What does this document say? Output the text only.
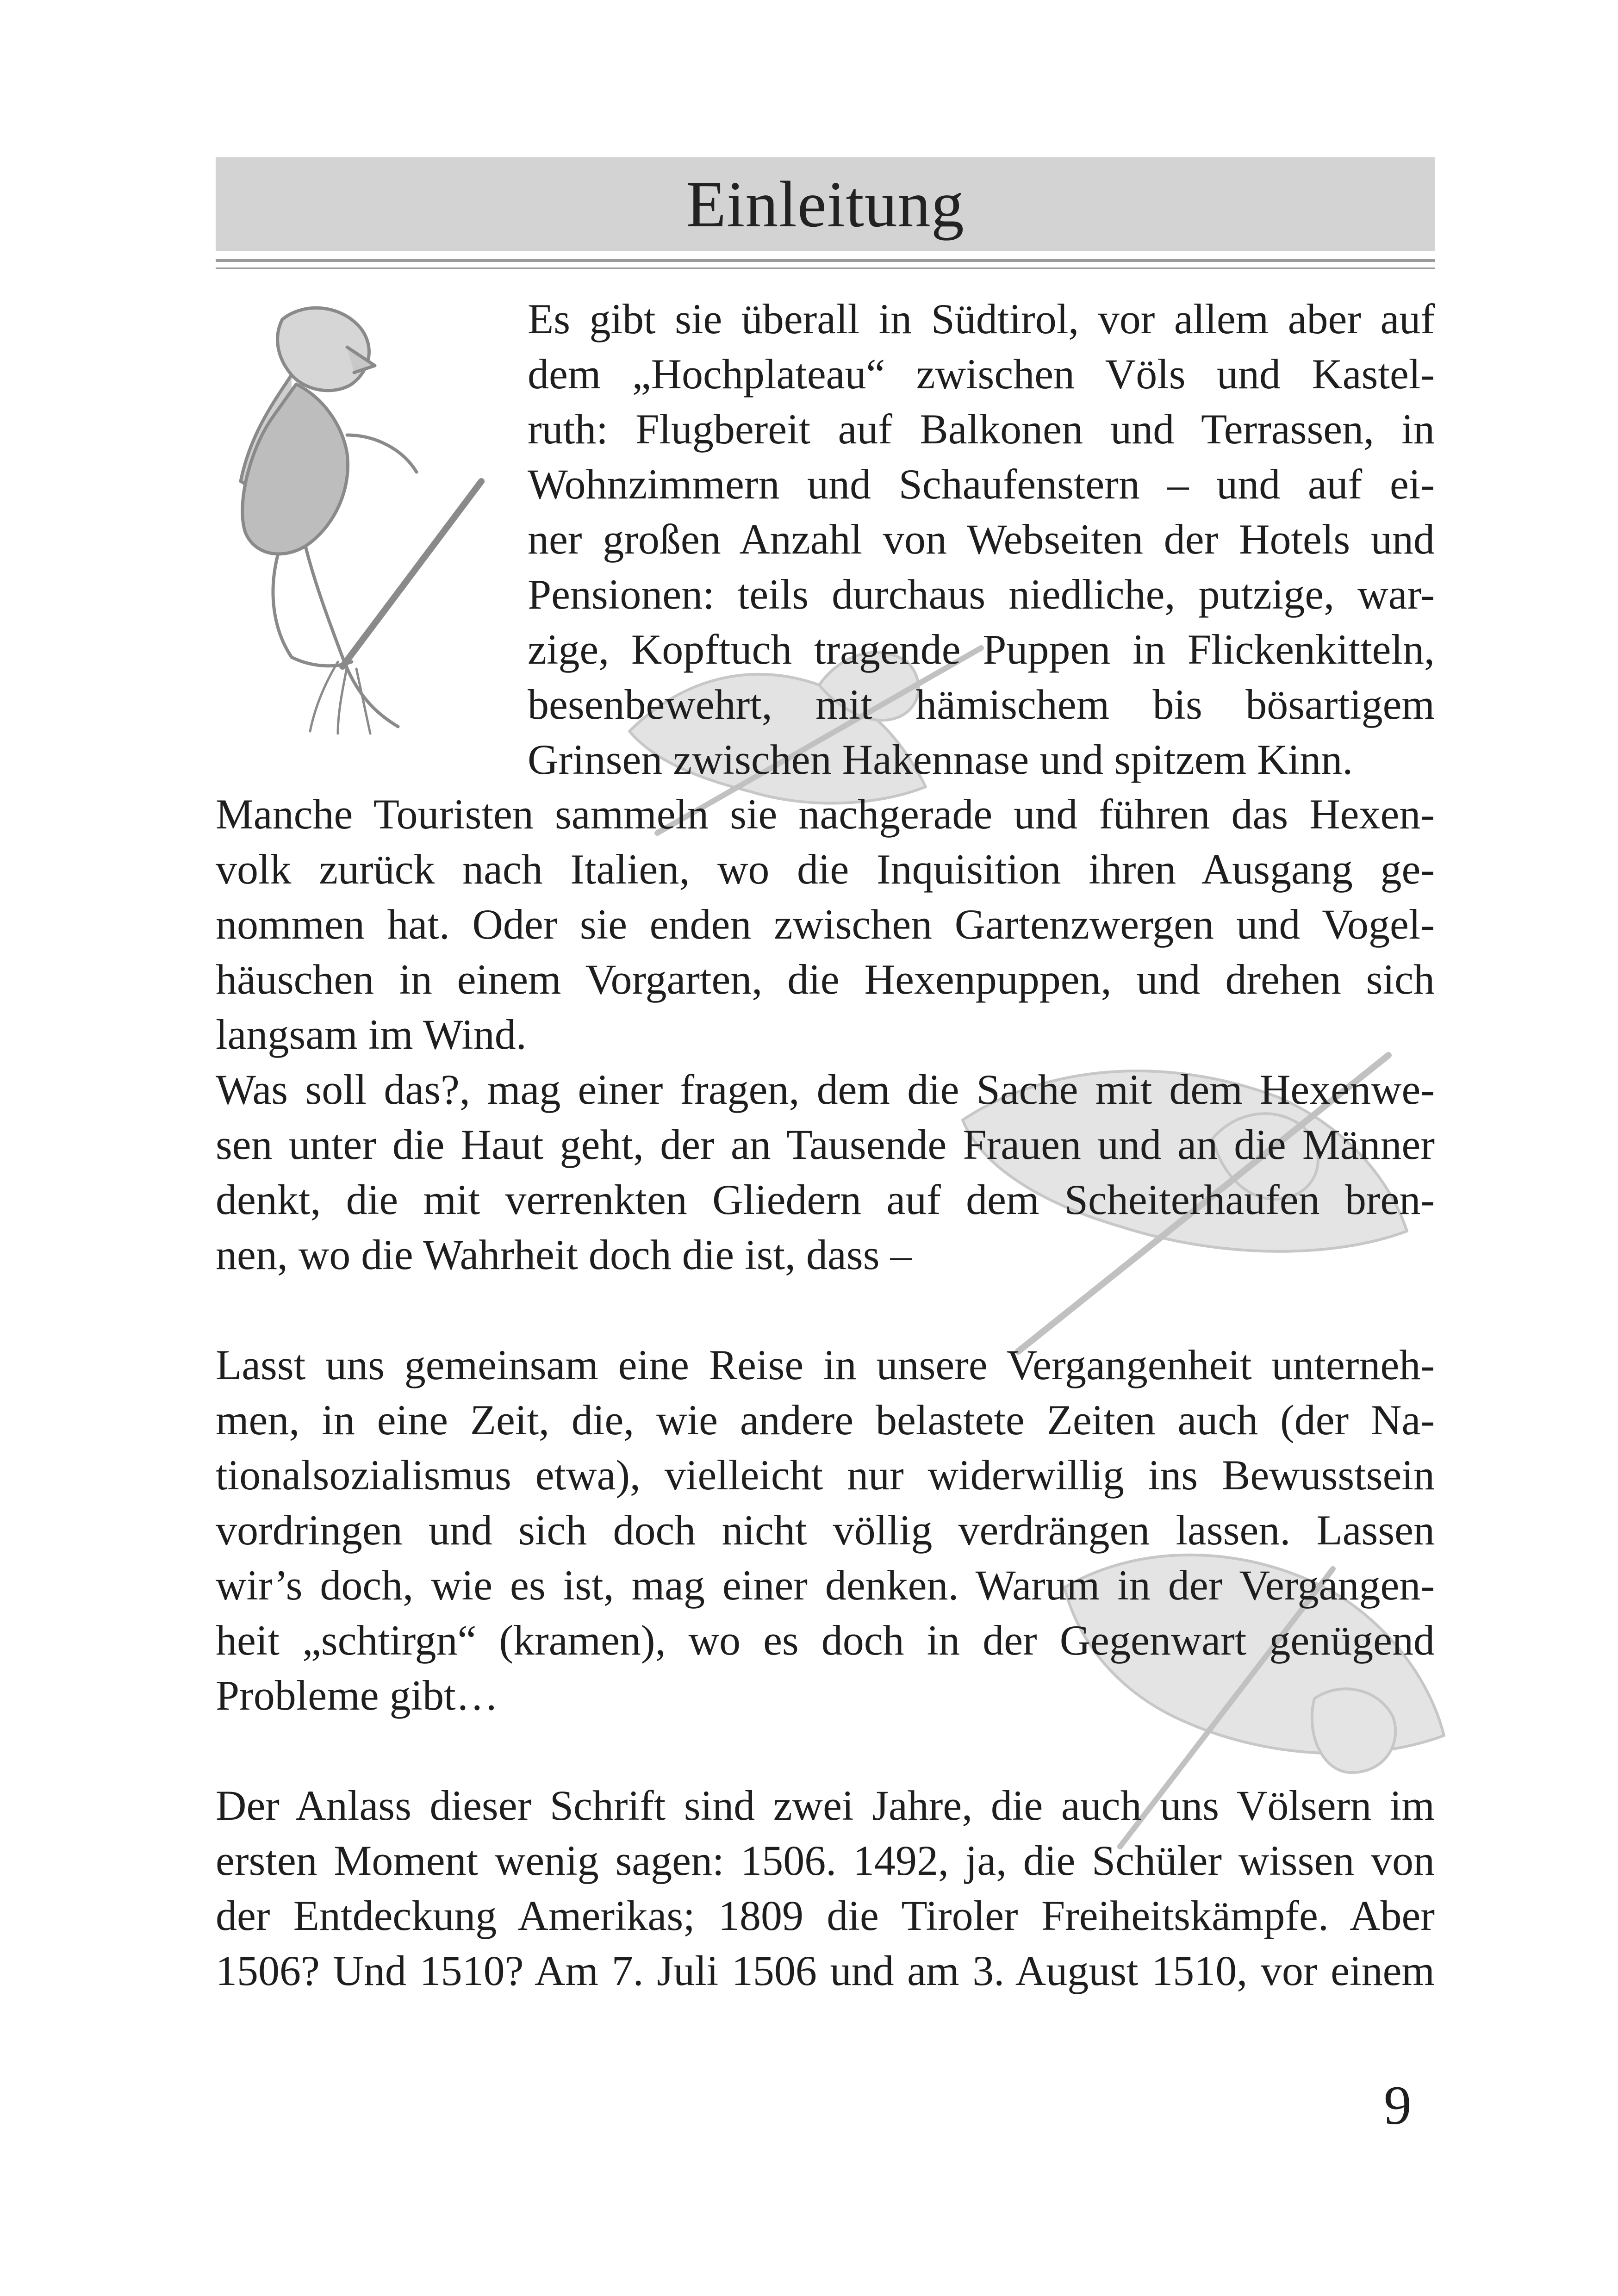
Einleitung

Es gibt sie überall in Südtirol, vor allem aber auf

dem „Hochplateau“ zwischen Völs und Kastel-

ruth: Flugbereit auf Balkonen und Terrassen, in

Wohnzimmern und Schaufenstern – und auf ei-

ner großen Anzahl von Webseiten der Hotels und

Pensionen: teils durchaus niedliche, putzige, war-

zige, Kopftuch tragende Puppen in Flickenkitteln,

besenbewehrt, mit hämischem bis bösartigem

Grinsen zwischen Hakennase und spitzem Kinn.

Manche Touristen sammeln sie nachgerade und führen das Hexen-

volk zurück nach Italien, wo die Inquisition ihren Ausgang ge-

nommen hat. Oder sie enden zwischen Gartenzwergen und Vogel-

häuschen in einem Vorgarten, die Hexenpuppen, und drehen sich

langsam im Wind.

Was soll das?, mag einer fragen, dem die Sache mit dem Hexenwe-

sen unter die Haut geht, der an Tausende Frauen und an die Männer

denkt, die mit verrenkten Gliedern auf dem Scheiterhaufen bren-

nen, wo die Wahrheit doch die ist, dass –

Lasst uns gemeinsam eine Reise in unsere Vergangenheit unterneh-

men, in eine Zeit, die, wie andere belastete Zeiten auch (der Na-

tionalsozialismus etwa), vielleicht nur widerwillig ins Bewusstsein

vordringen und sich doch nicht völlig verdrängen lassen. Lassen

wir’s doch, wie es ist, mag einer denken. Warum in der Vergangen-

heit „schtirgn“ (kramen), wo es doch in der Gegenwart genügend

Probleme gibt…

Der Anlass dieser Schrift sind zwei Jahre, die auch uns Völsern im

ersten Moment wenig sagen: 1506. 1492, ja, die Schüler wissen von

der Entdeckung Amerikas; 1809 die Tiroler Freiheitskämpfe. Aber

1506? Und 1510? Am 7. Juli 1506 und am 3. August 1510, vor einem

9
